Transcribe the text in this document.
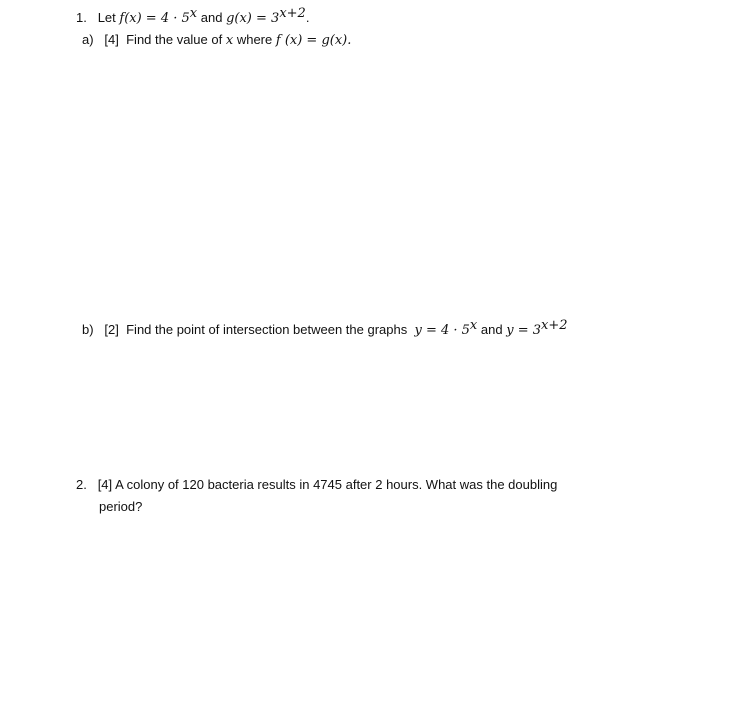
1. Let $f(x) = 4 \cdot 5^x$ and $g(x) = 3^{x+2}$.
a) [4] Find the value of x where f (x) = g(x).
b) [2] Find the point of intersection between the graphs $y = 4 \cdot 5^x$ and $y = 3^{x+2}$
2. [4] A colony of 120 bacteria results in 4745 after 2 hours. What was the doubling
period?
